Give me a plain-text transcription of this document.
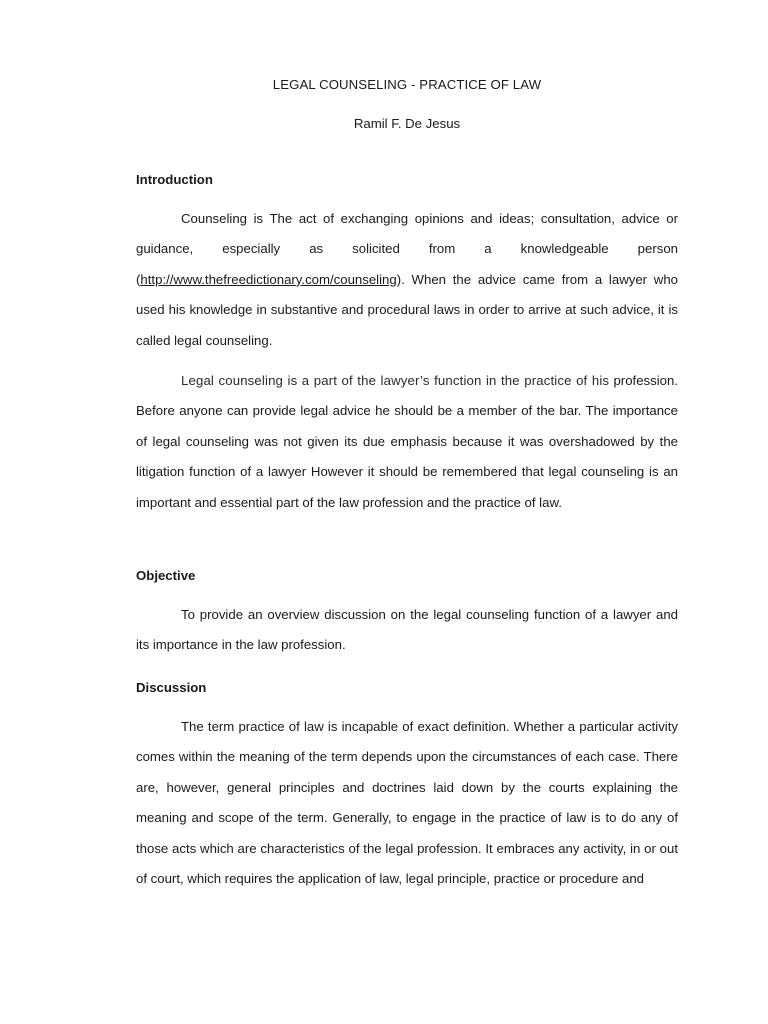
LEGAL COUNSELING - PRACTICE OF LAW

Ramil F. De Jesus

Introduction

Counseling is The act of exchanging opinions and ideas; consultation, advice or guidance, especially as solicited from a knowledgeable person (http://www.thefreedictionary.com/counseling). When the advice came from a lawyer who used his knowledge in substantive and procedural laws in order to arrive at such advice, it is called legal counseling.

Legal counseling is a part of the lawyer’s function in the practice of his profession. Before anyone can provide legal advice he should be a member of the bar. The importance of legal counseling was not given its due emphasis because it was overshadowed by the litigation function of a lawyer However it should be remembered that legal counseling is an important and essential part of the law profession and the practice of law.

Objective

To provide an overview discussion on the legal counseling function of a lawyer and its importance in the law profession.

Discussion

The term practice of law is incapable of exact definition. Whether a particular activity comes within the meaning of the term depends upon the circumstances of each case. There are, however, general principles and doctrines laid down by the courts explaining the meaning and scope of the term. Generally, to engage in the practice of law is to do any of those acts which are characteristics of the legal profession. It embraces any activity, in or out of court, which requires the application of law, legal principle, practice or procedure and
